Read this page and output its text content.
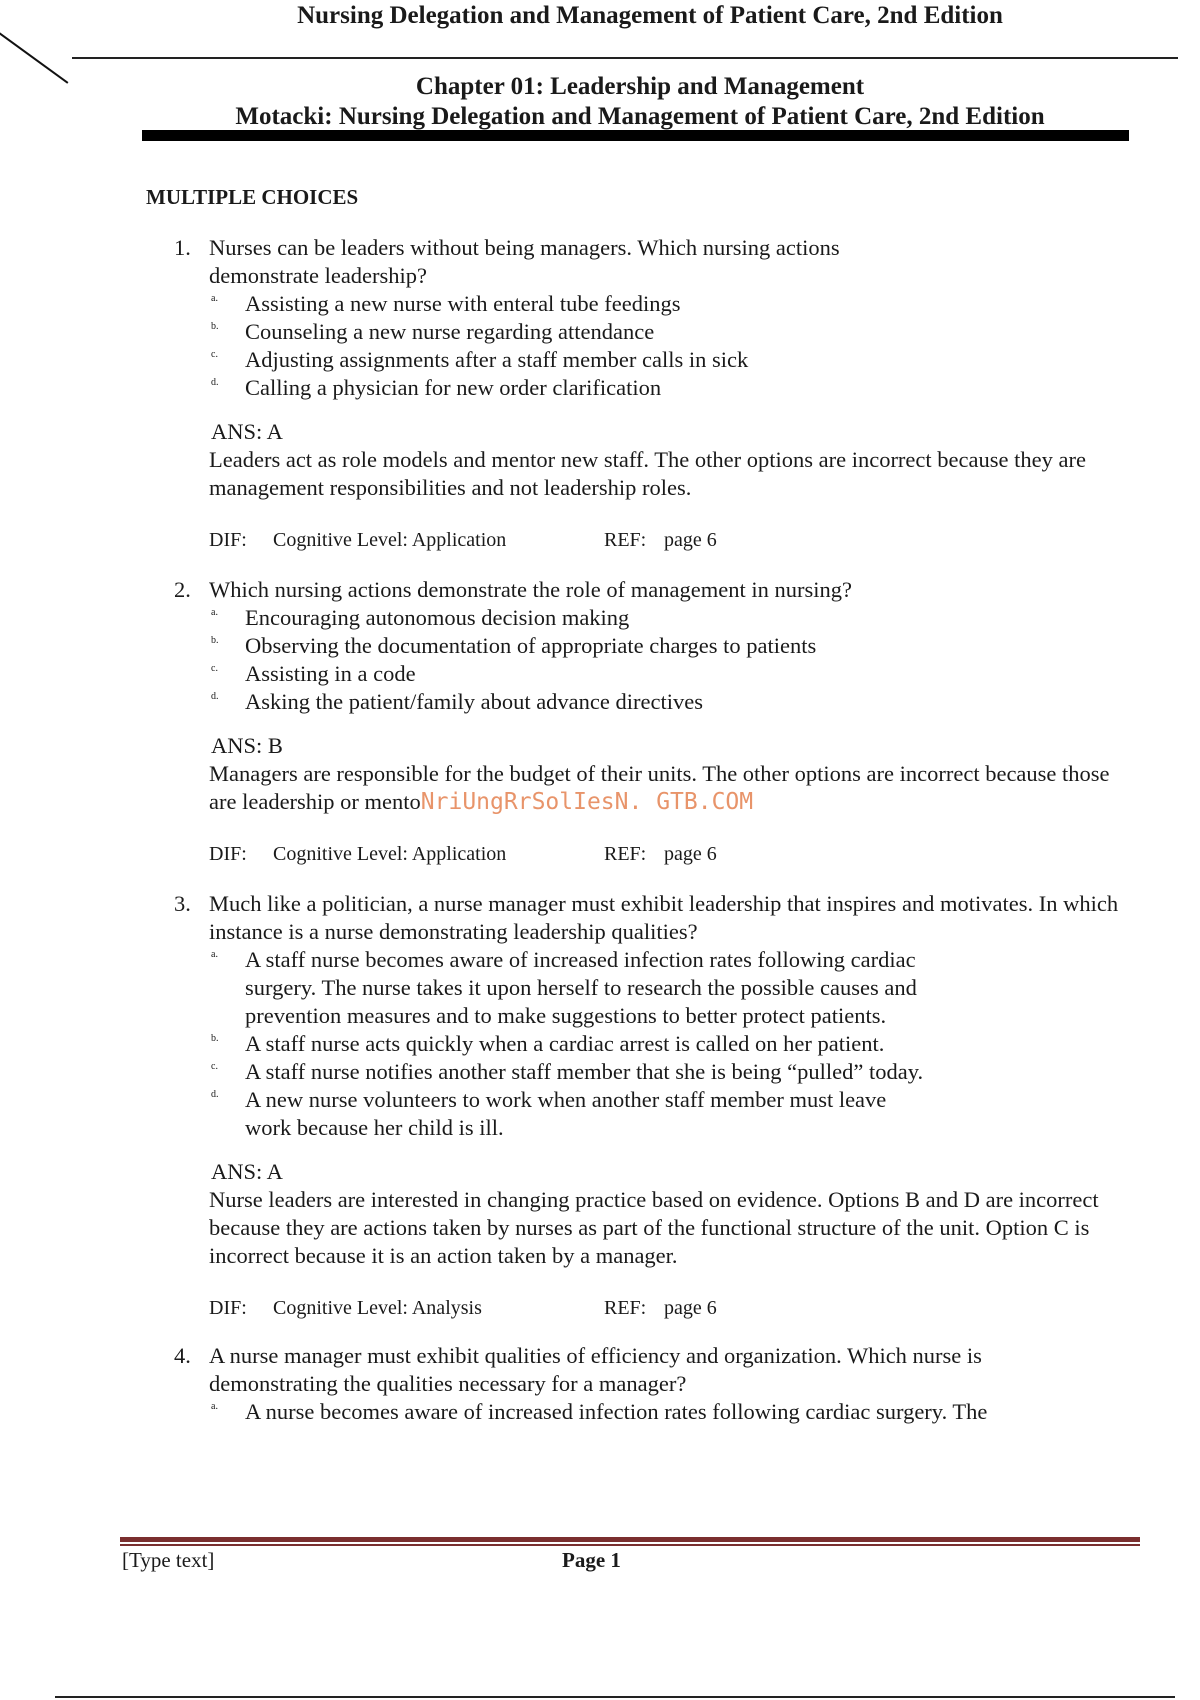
Nursing Delegation and Management of Patient Care, 2nd Edition
Chapter 01: Leadership and Management
Motacki: Nursing Delegation and Management of Patient Care, 2nd Edition
MULTIPLE CHOICES
1. Nurses can be leaders without being managers. Which nursing actions demonstrate leadership?
a. Assisting a new nurse with enteral tube feedings
b. Counseling a new nurse regarding attendance
c. Adjusting assignments after a staff member calls in sick
d. Calling a physician for new order clarification
ANS: A
Leaders act as role models and mentor new staff. The other options are incorrect because they are management responsibilities and not leadership roles.
DIF: Cognitive Level: Application	REF: page 6
2. Which nursing actions demonstrate the role of management in nursing?
a. Encouraging autonomous decision making
b. Observing the documentation of appropriate charges to patients
c. Assisting in a code
d. Asking the patient/family about advance directives
ANS: B
Managers are responsible for the budget of their units. The other options are incorrect because those are leadership or mentoNriUngRrSolIesN. GTB.COM
DIF: Cognitive Level: Application	REF: page 6
3. Much like a politician, a nurse manager must exhibit leadership that inspires and motivates. In which instance is a nurse demonstrating leadership qualities?
a. A staff nurse becomes aware of increased infection rates following cardiac surgery. The nurse takes it upon herself to research the possible causes and prevention measures and to make suggestions to better protect patients.
b. A staff nurse acts quickly when a cardiac arrest is called on her patient.
c. A staff nurse notifies another staff member that she is being “pulled” today.
d. A new nurse volunteers to work when another staff member must leave work because her child is ill.
ANS: A
Nurse leaders are interested in changing practice based on evidence. Options B and D are incorrect because they are actions taken by nurses as part of the functional structure of the unit. Option C is incorrect because it is an action taken by a manager.
DIF: Cognitive Level: Analysis	REF: page 6
4. A nurse manager must exhibit qualities of efficiency and organization. Which nurse is demonstrating the qualities necessary for a manager?
a. A nurse becomes aware of increased infection rates following cardiac surgery. The
[Type text]	Page 1
